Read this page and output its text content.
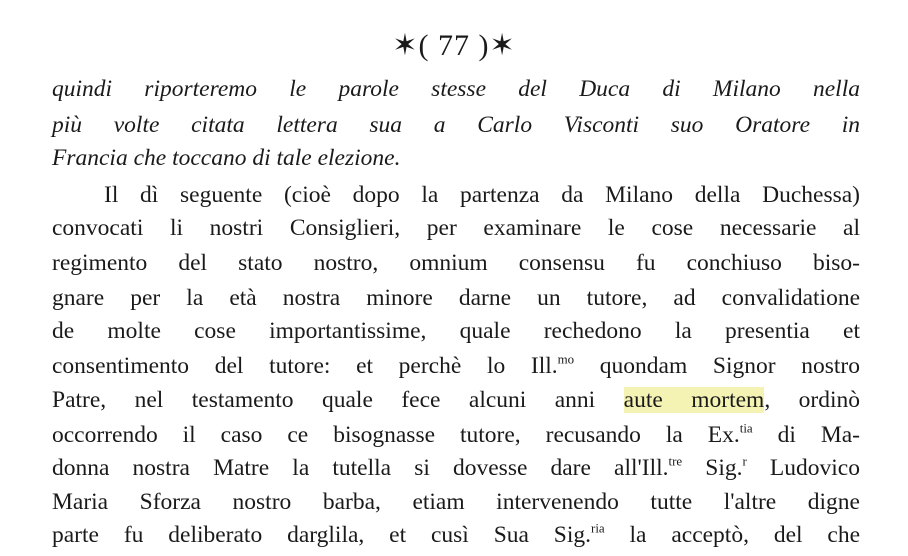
✶( 77 )✶
quindi riporteremo le parole stesse del Duca di Milano nella
più volte citata lettera sua a Carlo Visconti suo Oratore in
Francia che toccano di tale elezione.
Il dì seguente (cioè dopo la partenza da Milano della Duchessa)
convocati li nostri Consiglieri, per examinare le cose necessarie al
regimento del stato nostro, omnium consensu fu conchiuso biso-
gnare per la età nostra minore darne un tutore, ad convalidatione
de molte cose importantissime, quale rechedono la presentia et
consentimento del tutore: et perchè lo Ill.$^{mo}$ quondam Signor nostro
Patre, nel testamento quale fece alcuni anni aute mortem, ordinò
occorrendo il caso ce bisognasse tutore, recusando la Ex.$^{tia}$ di Ma-
donna nostra Matre la tutella si dovesse dare all'Ill.$^{tre}$ Sig.$^r$ Ludovico
Maria Sforza nostro barba, etiam intervenendo tutte l'altre digne
parte fu deliberato darglila, et cusì Sua Sig.$^{ria}$ la acceptò, del che
